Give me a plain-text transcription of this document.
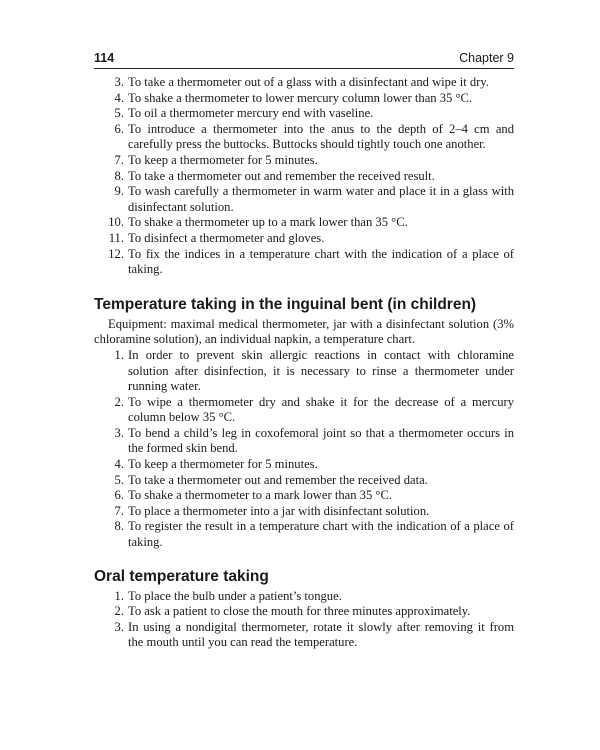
114	Chapter 9
3. To take a thermometer out of a glass with a disinfectant and wipe it dry.
4. To shake a thermometer to lower mercury column lower than 35 °C.
5. To oil a thermometer mercury end with vaseline.
6. To introduce a thermometer into the anus to the depth of 2–4 cm and carefully press the buttocks. Buttocks should tightly touch one another.
7. To keep a thermometer for 5 minutes.
8. To take a thermometer out and remember the received result.
9. To wash carefully a thermometer in warm water and place it in a glass with disinfectant solution.
10. To shake a thermometer up to a mark lower than 35 °C.
11. To disinfect a thermometer and gloves.
12. To fix the indices in a temperature chart with the indication of a place of taking.
Temperature taking in the inguinal bent (in children)

Equipment: maximal medical thermometer, jar with a disinfectant solution (3% chloramine solution), an individual napkin, a temperature chart.

1. In order to prevent skin allergic reactions in contact with chloramine solution after disinfection, it is necessary to rinse a thermometer under running water.
2. To wipe a thermometer dry and shake it for the decrease of a mercury column below 35 °C.
3. To bend a child’s leg in coxofemoral joint so that a thermometer occurs in the formed skin bend.
4. To keep a thermometer for 5 minutes.
5. To take a thermometer out and remember the received data.
6. To shake a thermometer to a mark lower than 35 °C.
7. To place a thermometer into a jar with disinfectant solution.
8. To register the result in a temperature chart with the indication of a place of taking.
Oral temperature taking
1. To place the bulb under a patient’s tongue.
2. To ask a patient to close the mouth for three minutes approximately.
3. In using a nondigital thermometer, rotate it slowly after removing it from the mouth until you can read the temperature.
